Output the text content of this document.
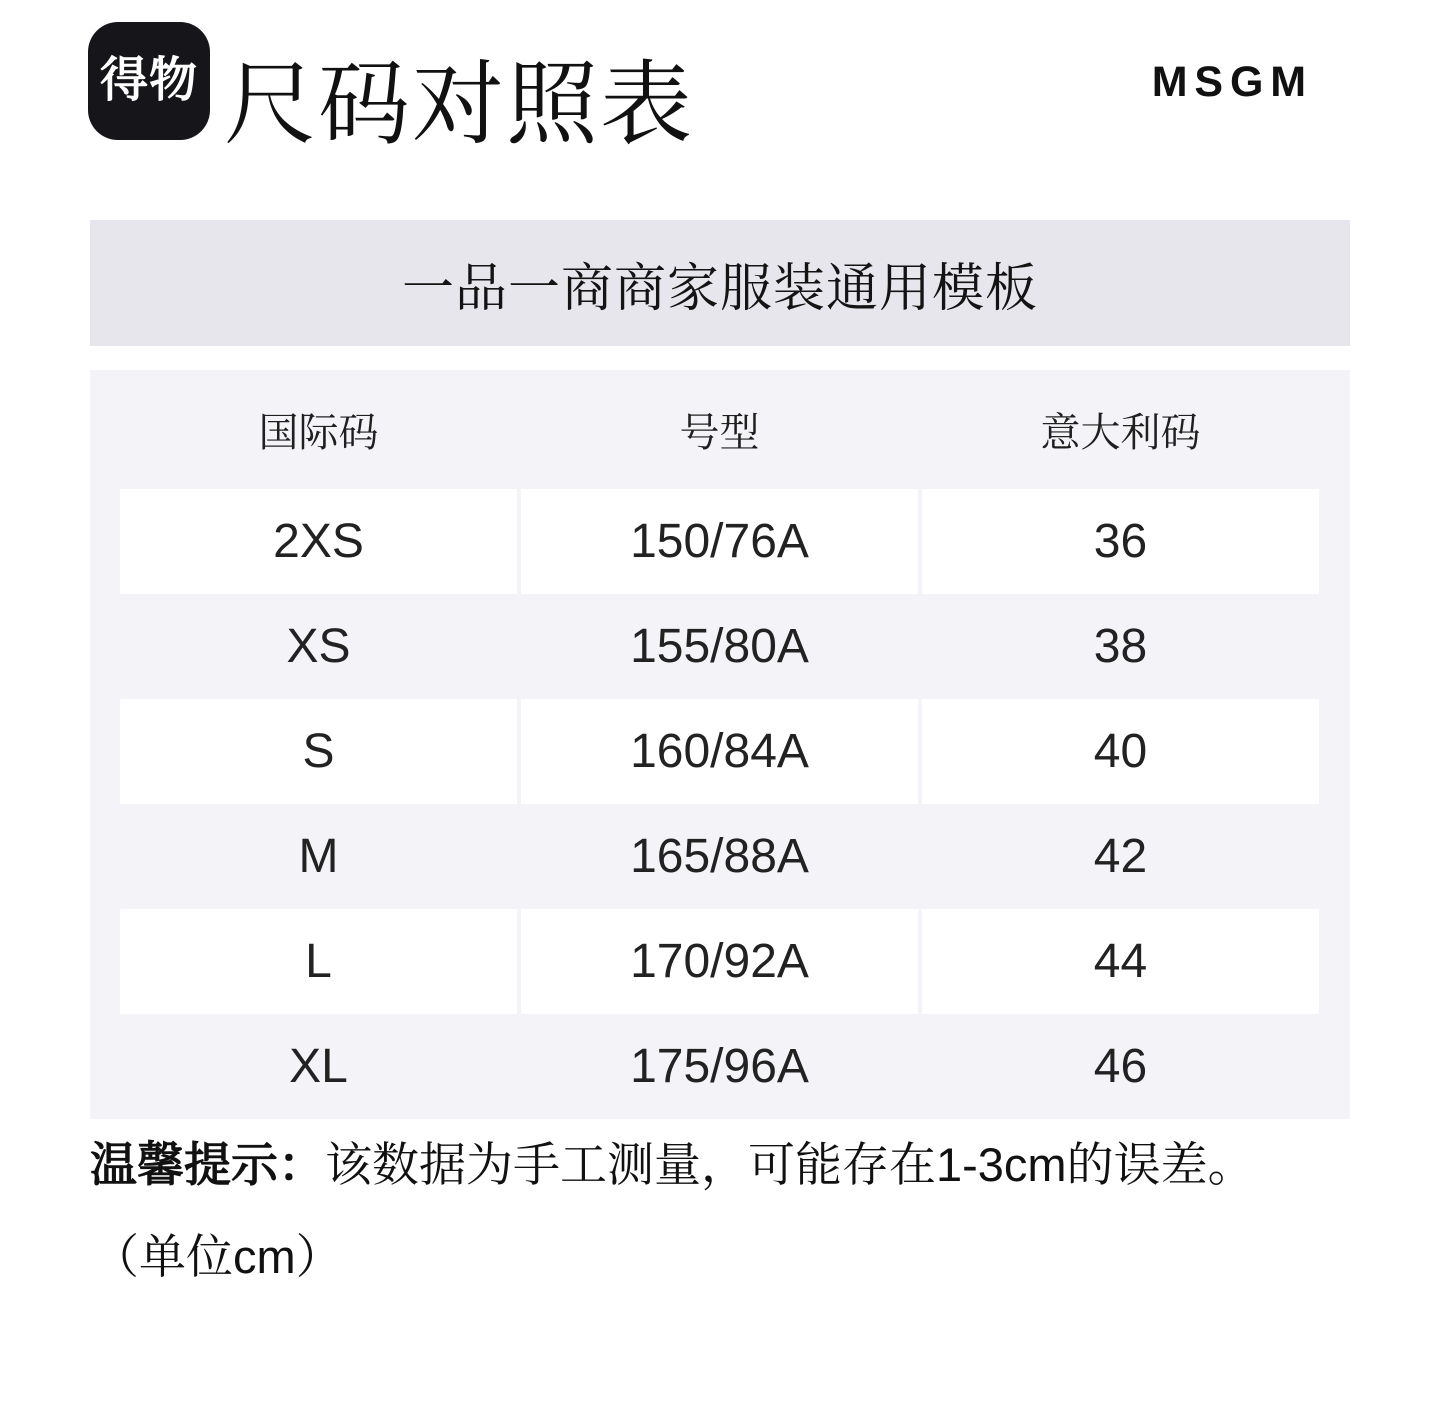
得物 尺码对照表	MSGM
一品一商商家服装通用模板
国际码	号型	意大利码
2XS	150/76A	36
XS	155/80A	38
S	160/84A	40
M	165/88A	42
L	170/92A	44
XL	175/96A	46
温馨提示：该数据为手工测量，可能存在1-3cm的误差。
（单位cm）
